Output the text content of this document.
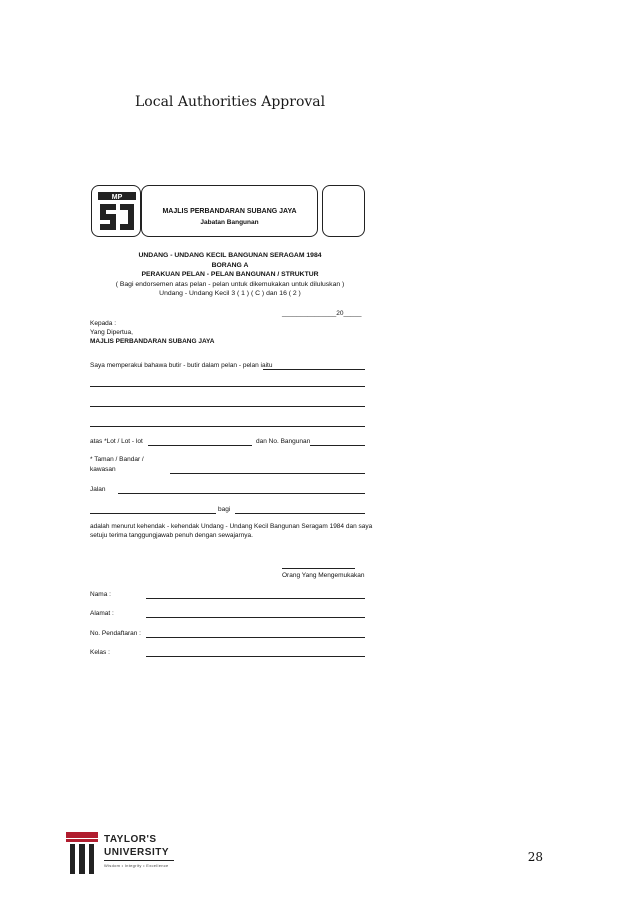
Local Authorities Approval
MP
MAJLIS PERBANDARAN SUBANG JAYA
Jabatan Bangunan
UNDANG - UNDANG KECIL BANGUNAN SERAGAM 1984
BORANG A
PERAKUAN PELAN - PELAN BANGUNAN / STRUKTUR
( Bagi endorsemen atas pelan - pelan untuk dikemukakan untuk diluluskan )
Undang - Undang Kecil 3 ( 1 ) ( C ) dan 16 ( 2 )
_______________20_____
Kepada :
Yang Dipertua,
MAJLIS PERBANDARAN SUBANG JAYA
Saya memperakui bahawa butir - butir dalam pelan - pelan iaitu
atas *Lot / Lot - lot	dan No. Bangunan
* Taman / Bandar /
kawasan
Jalan
bagi
adalah menurut kehendak - kehendak Undang - Undang Kecil Bangunan Seragam 1984 dan saya
setuju terima tanggungjawab penuh dengan sewajarnya.
Orang Yang Mengemukakan
Nama :
Alamat :
No. Pendaftaran :
Kelas :
TAYLOR'S
UNIVERSITY
Wisdom • Integrity • Excellence
28
